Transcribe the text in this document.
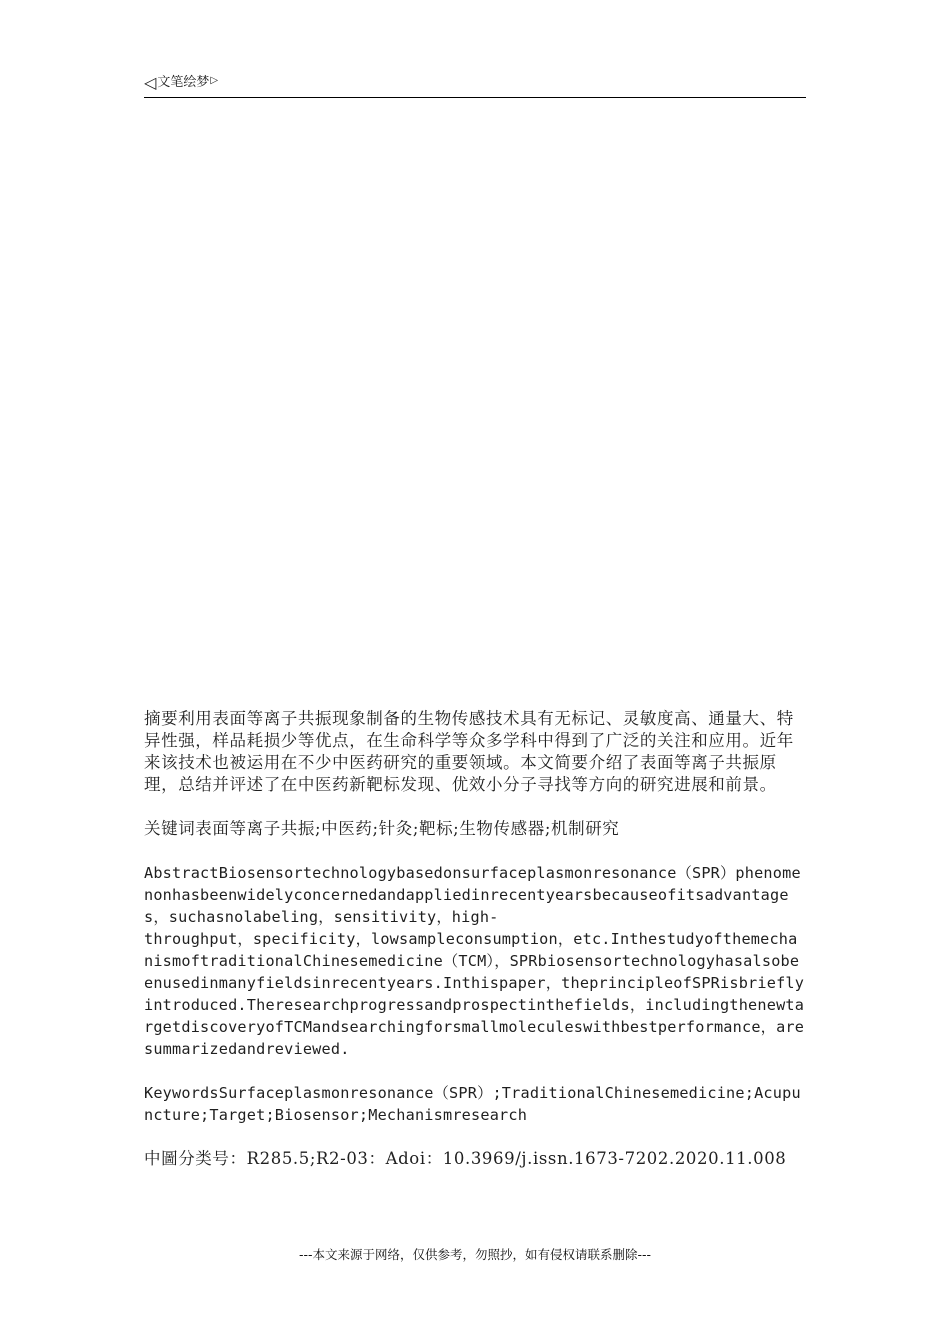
◁ 文笔绘梦 ▷

摘要利用表面等离子共振现象制备的生物传感技术具有无标记、灵敏度高、通量大、特异性强，样品耗损少等优点，在生命科学等众多学科中得到了广泛的关注和应用。近年来该技术也被运用在不少中医药研究的重要领域。本文简要介绍了表面等离子共振原理，总结并评述了在中医药新靶标发现、优效小分子寻找等方向的研究进展和前景。

关键词表面等离子共振;中医药;针灸;靶标;生物传感器;机制研究

AbstractBiosensortechnologybasedonsurfaceplasmonresonance（SPR）phenomenonhasbeenwidelyconcernedandappliedinrecentyearsbecauseofitsadvantages，suchasnolabeling，sensitivity，high-

throughput，specificity，lowsampleconsumption，etc.InthestudyofthemechanismoftraditionalChinesemedicine（TCM），SPRbiosensortechnologyhasalsobeenusedinmanyfieldsinrecentyears.Inthispaper，theprincipleofSPRisbrieflyintroduced.Theresearchprogressandprospectinthefields，includingthenewtargetdiscoveryofTCMandsearchingforsmallmoleculeswithbestperformance，aresummarizedandreviewed.

KeywordsSurfaceplasmonresonance（SPR）;TraditionalChinesemedicine;Acupuncture;Target;Biosensor;Mechanismresearch

中圖分类号：R285.5;R2-03：Adoi：10.3969/j.issn.1673-7202.2020.11.008

---本文来源于网络，仅供参考，勿照抄，如有侵权请联系删除---
